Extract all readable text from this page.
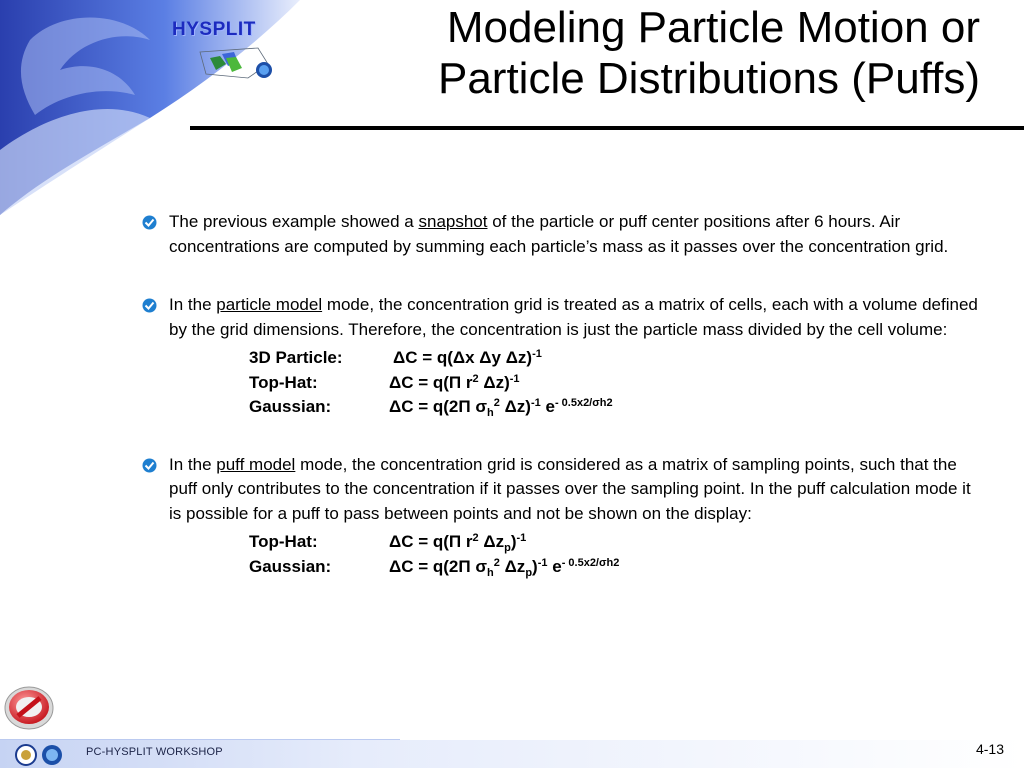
HYSPLIT	Modeling Particle Motion or
Particle Distributions (Puffs)
The previous example showed a snapshot of the particle or puff center positions after 6 hours. Air concentrations are computed by summing each particle’s mass as it passes over the concentration grid.
In the particle model mode, the concentration grid is treated as a matrix of cells, each with a volume defined by the grid dimensions. Therefore, the concentration is just the particle mass divided by the cell volume:
3D Particle:	ΔC = q(Δx Δy Δz)$^{-1}$
Top-Hat:	ΔC = q(Π $r^2$ Δz)$^{-1}$
Gaussian:	ΔC = q(2Π $\sigma_h^2$ Δz)$^{-1}$ $e^{- 0.5x2/\sigma h2}$
In the puff model mode, the concentration grid is considered as a matrix of sampling points, such that the puff only contributes to the concentration if it passes over the sampling point. In the puff calculation mode it is possible for a puff to pass between points and not be shown on the display:
Top-Hat:	ΔC = q(Π $r^2$ $\Delta z_p)^{-1}$
Gaussian:	ΔC = q(2Π $\sigma_h^2$ $\Delta z_p)^{-1}$ $e^{- 0.5x2/\sigma h2}$
PC-HYSPLIT WORKSHOP	4-13
